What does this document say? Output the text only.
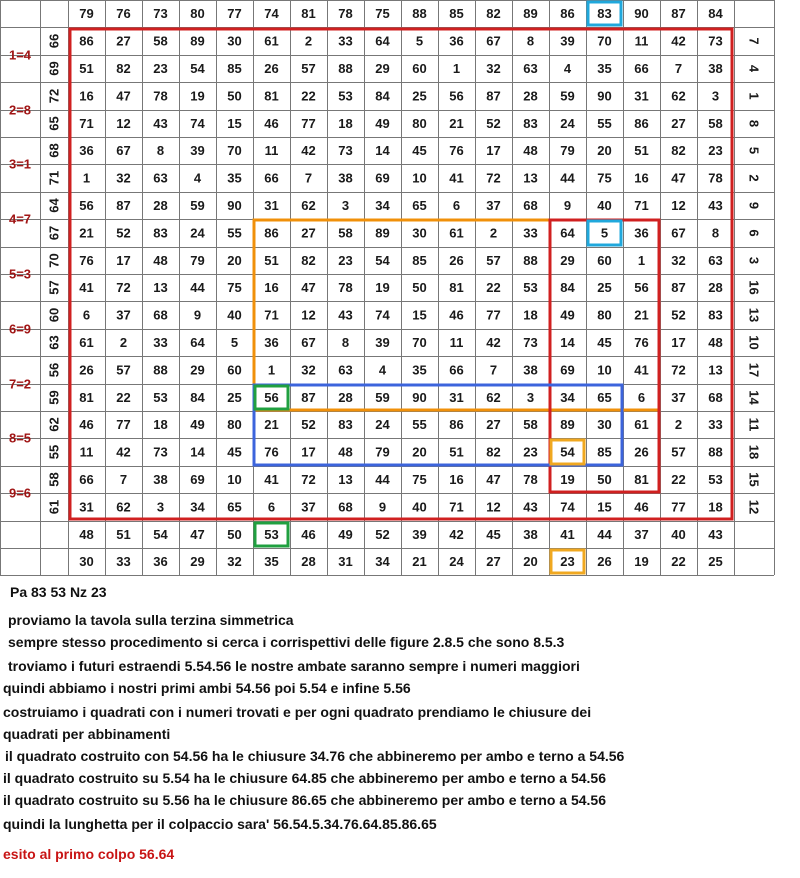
79 76 73 80 77 74 81 78 75 88 85 82 89 86 83 90 87 84
1=4
66 86 27 58 89 30 61 2 33 64 5 36 67 8 39 70 11 42 73 7
69 51 82 23 54 85 26 57 88 29 60 1 32 63 4 35 66 7 38 4
2=8
72 16 47 78 19 50 81 22 53 84 25 56 87 28 59 90 31 62 3 1
65 71 12 43 74 15 46 77 18 49 80 21 52 83 24 55 86 27 58 8
3=1
68 36 67 8 39 70 11 42 73 14 45 76 17 48 79 20 51 82 23 5
71 1 32 63 4 35 66 7 38 69 10 41 72 13 44 75 16 47 78 2
4=7
64 56 87 28 59 90 31 62 3 34 65 6 37 68 9 40 71 12 43 9
67 21 52 83 24 55 86 27 58 89 30 61 2 33 64 5 36 67 8 6
5=3
70 76 17 48 79 20 51 82 23 54 85 26 57 88 29 60 1 32 63 3
57 41 72 13 44 75 16 47 78 19 50 81 22 53 84 25 56 87 28 16
6=9
60 6 37 68 9 40 71 12 43 74 15 46 77 18 49 80 21 52 83 13
63 61 2 33 64 5 36 67 8 39 70 11 42 73 14 45 76 17 48 10
7=2
56 26 57 88 29 60 1 32 63 4 35 66 7 38 69 10 41 72 13 17
59 81 22 53 84 25 56 87 28 59 90 31 62 3 34 65 6 37 68 14
8=5
62 46 77 18 49 80 21 52 83 24 55 86 27 58 89 30 61 2 33 11
55 11 42 73 14 45 76 17 48 79 20 51 82 23 54 85 26 57 88 18
9=6
58 66 7 38 69 10 41 72 13 44 75 16 47 78 19 50 81 22 53 15
61 31 62 3 34 65 6 37 68 9 40 71 12 43 74 15 46 77 18 12
48 51 54 47 50 53 46 49 52 39 42 45 38 41 44 37 40 43
30 33 36 29 32 35 28 31 34 21 24 27 20 23 26 19 22 25
Pa 83 53 Nz 23
proviamo la tavola sulla terzina simmetrica
sempre stesso procedimento si cerca i corrispettivi delle figure 2.8.5 che sono 8.5.3
troviamo i futuri estraendi 5.54.56 le nostre ambate saranno sempre i numeri maggiori
quindi abbiamo i nostri primi ambi 54.56 poi 5.54 e infine 5.56
costruiamo i quadrati con i numeri trovati e per ogni quadrato prendiamo le chiusure dei
quadrati per abbinamenti
il quadrato costruito con 54.56 ha le chiusure 34.76 che abbineremo per ambo e terno a 54.56
il quadrato costruito su 5.54 ha le chiusure 64.85 che abbineremo per ambo e terno a 54.56
il quadrato costruito su 5.56 ha le chiusure 86.65 che abbineremo per ambo e terno a 54.56
quindi la lunghetta per il colpaccio sara' 56.54.5.34.76.64.85.86.65
esito al primo colpo 56.64
